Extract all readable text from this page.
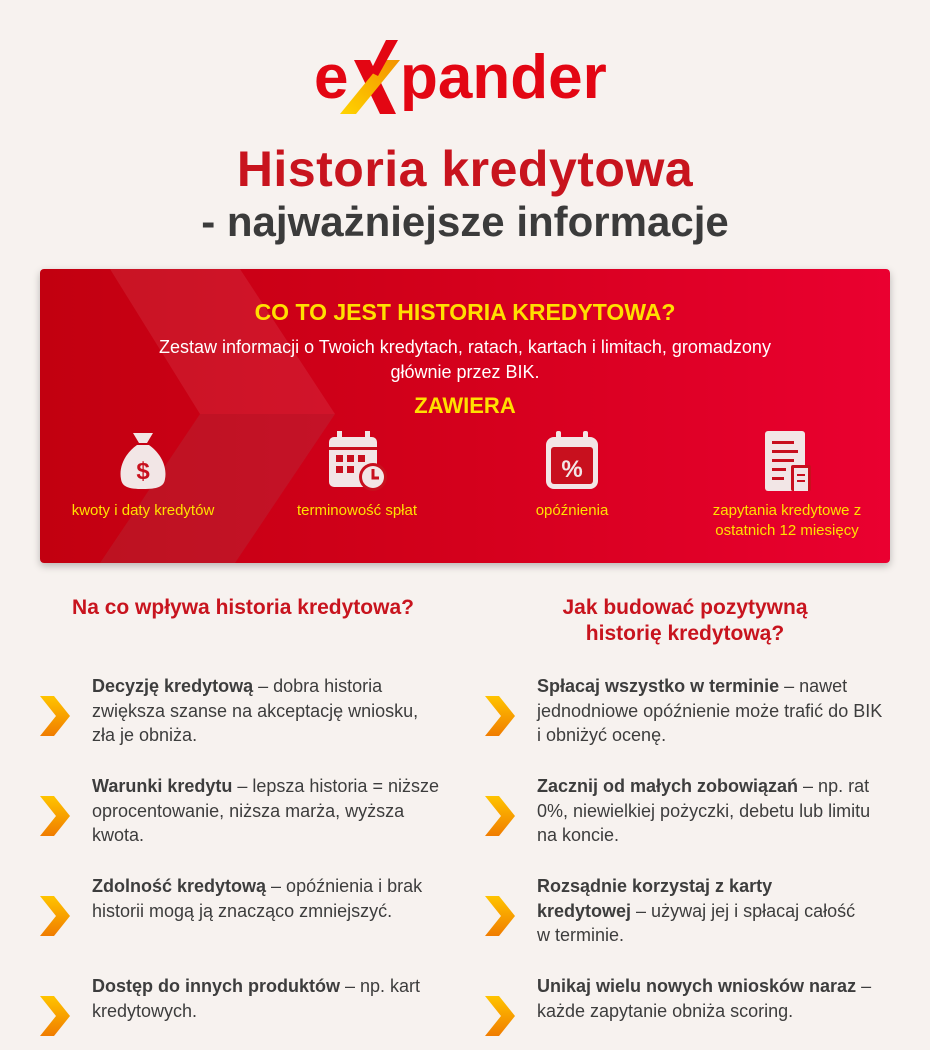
e pander
Historia kredytowa
- najważniejsze informacje
CO TO JEST HISTORIA KREDYTOWA?
Zestaw informacji o Twoich kredytach, ratach, kartach i limitach, gromadzony głównie przez BIK.
ZAWIERA
$
kwoty i daty kredytów	terminowość spłat
%
opóźnienia	zapytania kredytowe z ostatnich 12 miesięcy
Na co wpływa historia kredytowa?	Jak budować pozytywną historię kredytową?

Decyzję kredytową – dobra historia zwiększa szanse na akceptację wniosku, zła je obniża.

Warunki kredytu – lepsza historia = niższe oprocentowanie, niższa marża, wyższa kwota.

Zdolność kredytową – opóźnienia i brak historii mogą ją znacząco zmniejszyć.

Dostęp do innych produktów – np. kart kredytowych.

Spłacaj wszystko w terminie – nawet jednodniowe opóźnienie może trafić do BIK i obniżyć ocenę.

Zacznij od małych zobowiązań – np. rat 0%, niewielkiej pożyczki, debetu lub limitu na koncie.

Rozsądnie korzystaj z karty kredytowej – używaj jej i spłacaj całość w terminie.

Unikaj wielu nowych wniosków naraz – każde zapytanie obniża scoring.
